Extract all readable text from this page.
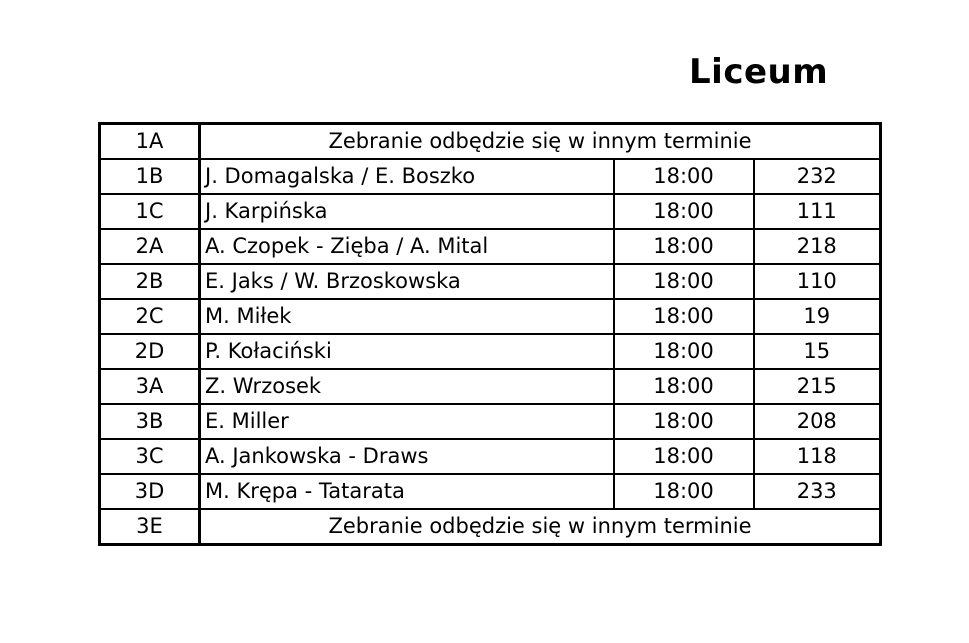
Liceum
1A	Zebranie odbędzie się w innym terminie		
1B	J. Domagalska / E. Boszko	18:00	232
1C	J. Karpińska	18:00	111
2A	A. Czopek - Zięba / A. Mital	18:00	218
2B	E. Jaks / W. Brzoskowska	18:00	110
2C	M. Miłek	18:00	19
2D	P. Kołaciński	18:00	15
3A	Z. Wrzosek	18:00	215
3B	E. Miller	18:00	208
3C	A. Jankowska - Draws	18:00	118
3D	M. Krępa - Tatarata	18:00	233
3E	Zebranie odbędzie się w innym terminie		
